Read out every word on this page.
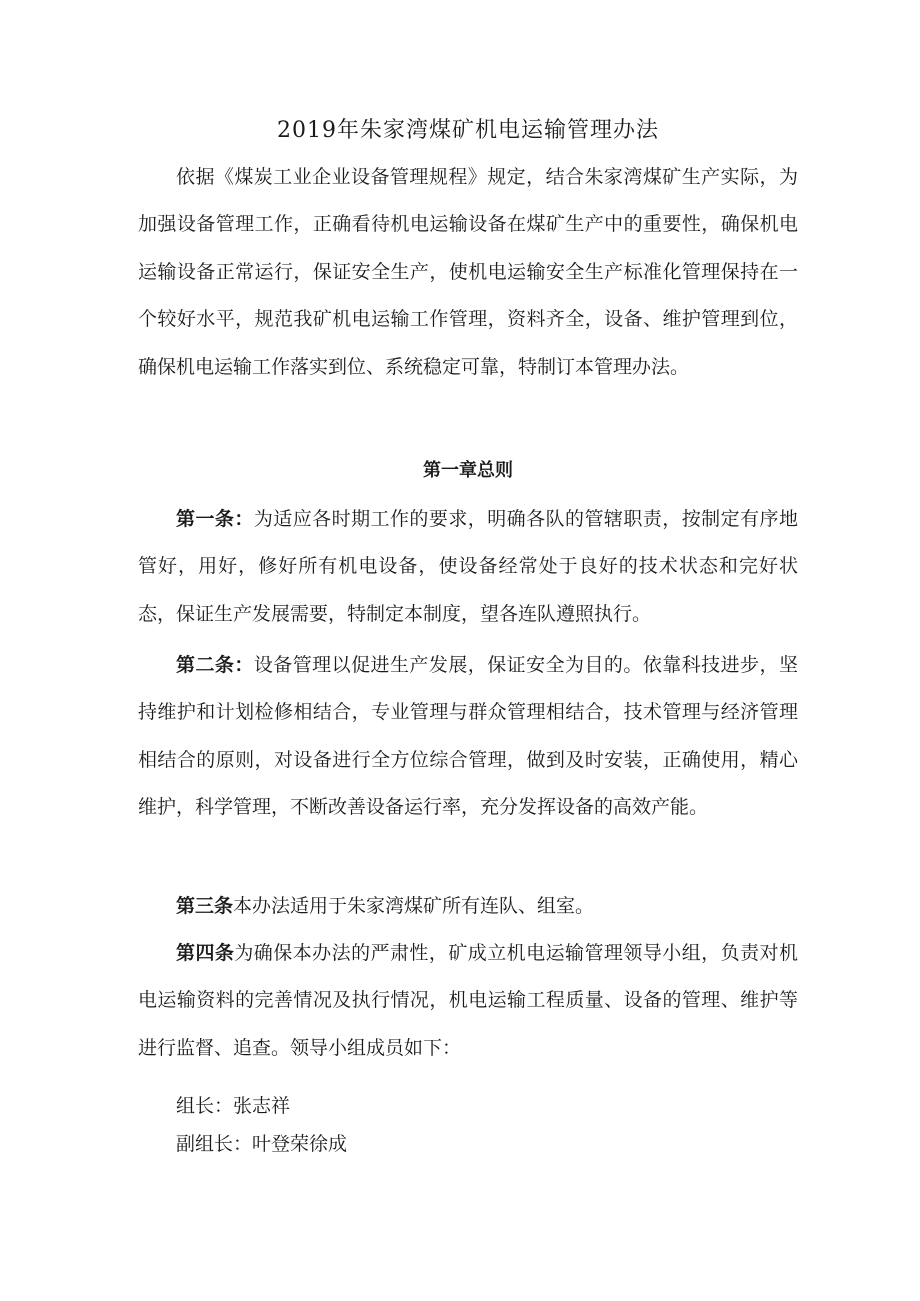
2019年朱家湾煤矿机电运输管理办法

依据《煤炭工业企业设备管理规程》规定，结合朱家湾煤矿生产实际，为加强设备管理工作，正确看待机电运输设备在煤矿生产中的重要性，确保机电运输设备正常运行，保证安全生产，使机电运输安全生产标准化管理保持在一个较好水平，规范我矿机电运输工作管理，资料齐全，设备、维护管理到位，确保机电运输工作落实到位、系统稳定可靠，特制订本管理办法。

第一章总则

第一条：为适应各时期工作的要求，明确各队的管辖职责，按制定有序地管好，用好，修好所有机电设备，使设备经常处于良好的技术状态和完好状态，保证生产发展需要，特制定本制度，望各连队遵照执行。

第二条：设备管理以促进生产发展，保证安全为目的。依靠科技进步，坚持维护和计划检修相结合，专业管理与群众管理相结合，技术管理与经济管理相结合的原则，对设备进行全方位综合管理，做到及时安装，正确使用，精心维护，科学管理，不断改善设备运行率，充分发挥设备的高效产能。

第三条本办法适用于朱家湾煤矿所有连队、组室。

第四条为确保本办法的严肃性，矿成立机电运输管理领导小组，负责对机电运输资料的完善情况及执行情况，机电运输工程质量、设备的管理、维护等进行监督、追查。领导小组成员如下：

组长：张志祥
副组长：叶登荣徐成
